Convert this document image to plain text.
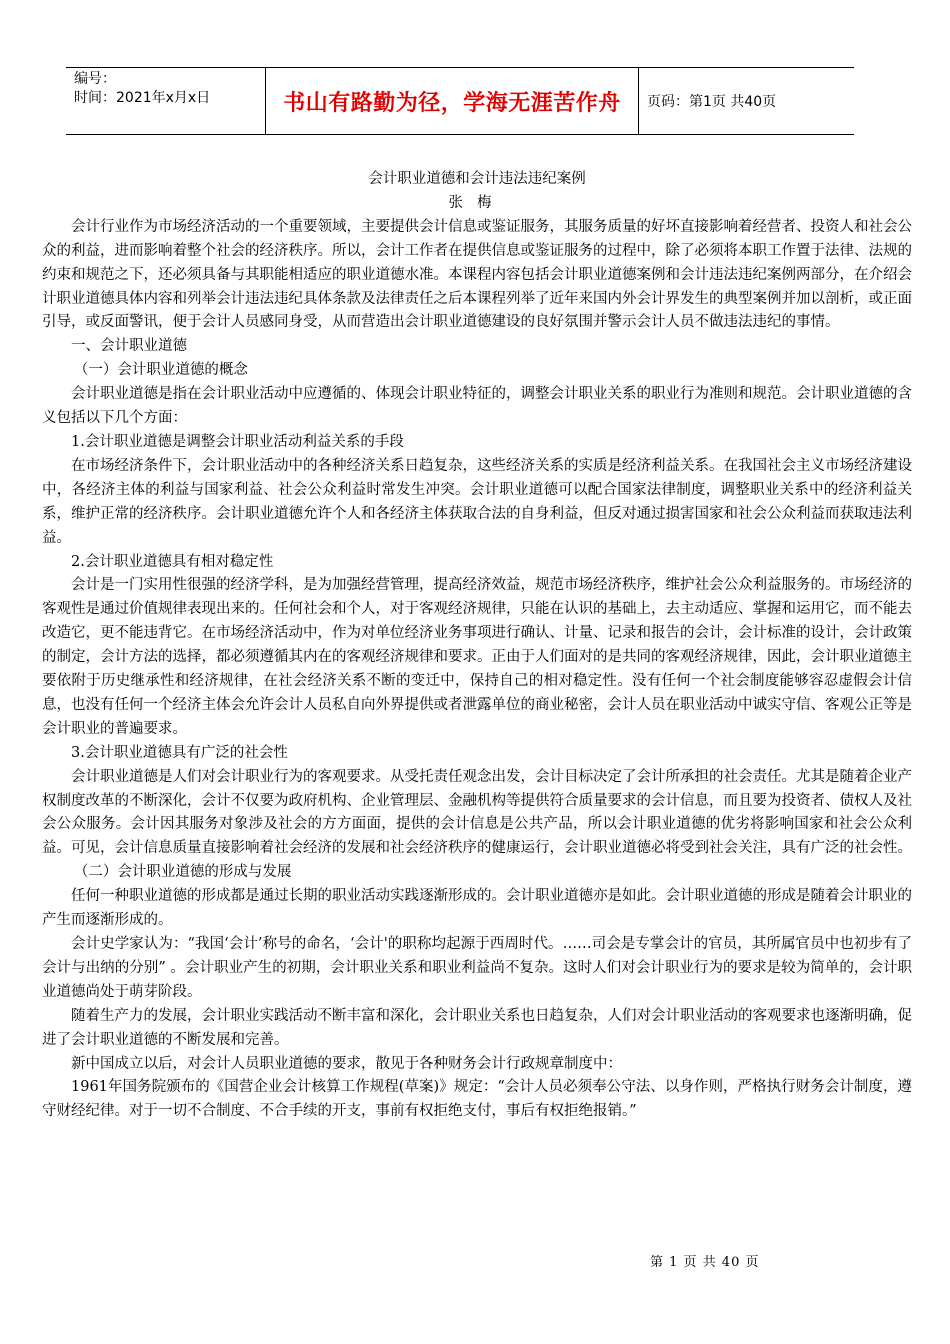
编号：
时间：2021年x月x日	书山有路勤为径，学海无涯苦作舟	页码：第1页 共40页
会计职业道德和会计违法违纪案例
张梅

会计行业作为市场经济活动的一个重要领域，主要提供会计信息或鉴证服务，其服务质量的好坏直接影响着经营者、投资人和社会公众的利益，进而影响着整个社会的经济秩序。所以，会计工作者在提供信息或鉴证服务的过程中，除了必须将本职工作置于法律、法规的约束和规范之下，还必须具备与其职能相适应的职业道德水准。本课程内容包括会计职业道德案例和会计违法违纪案例两部分，在介绍会计职业道德具体内容和列举会计违法违纪具体条款及法律责任之后本课程列举了近年来国内外会计界发生的典型案例并加以剖析，或正面引导，或反面警讯，便于会计人员感同身受，从而营造出会计职业道德建设的良好氛围并警示会计人员不做违法违纪的事情。

一、会计职业道德

（一）会计职业道德的概念

会计职业道德是指在会计职业活动中应遵循的、体现会计职业特征的，调整会计职业关系的职业行为准则和规范。会计职业道德的含义包括以下几个方面：

1.会计职业道德是调整会计职业活动利益关系的手段

在市场经济条件下，会计职业活动中的各种经济关系日趋复杂，这些经济关系的实质是经济利益关系。在我国社会主义市场经济建设中，各经济主体的利益与国家利益、社会公众利益时常发生冲突。会计职业道德可以配合国家法律制度，调整职业关系中的经济利益关系，维护正常的经济秩序。会计职业道德允许个人和各经济主体获取合法的自身利益，但反对通过损害国家和社会公众利益而获取违法利益。

2.会计职业道德具有相对稳定性

会计是一门实用性很强的经济学科，是为加强经营管理，提高经济效益，规范市场经济秩序，维护社会公众利益服务的。市场经济的客观性是通过价值规律表现出来的。任何社会和个人，对于客观经济规律，只能在认识的基础上，去主动适应、掌握和运用它，而不能去改造它，更不能违背它。在市场经济活动中，作为对单位经济业务事项进行确认、计量、记录和报告的会计，会计标准的设计，会计政策的制定，会计方法的选择，都必须遵循其内在的客观经济规律和要求。正由于人们面对的是共同的客观经济规律，因此，会计职业道德主要依附于历史继承性和经济规律，在社会经济关系不断的变迁中，保持自己的相对稳定性。没有任何一个社会制度能够容忍虚假会计信息，也没有任何一个经济主体会允许会计人员私自向外界提供或者泄露单位的商业秘密，会计人员在职业活动中诚实守信、客观公正等是会计职业的普遍要求。

3.会计职业道德具有广泛的社会性

会计职业道德是人们对会计职业行为的客观要求。从受托责任观念出发，会计目标决定了会计所承担的社会责任。尤其是随着企业产权制度改革的不断深化，会计不仅要为政府机构、企业管理层、金融机构等提供符合质量要求的会计信息，而且要为投资者、债权人及社会公众服务。会计因其服务对象涉及社会的方方面面，提供的会计信息是公共产品，所以会计职业道德的优劣将影响国家和社会公众利益。可见，会计信息质量直接影响着社会经济的发展和社会经济秩序的健康运行，会计职业道德必将受到社会关注，具有广泛的社会性。

（二）会计职业道德的形成与发展

任何一种职业道德的形成都是通过长期的职业活动实践逐渐形成的。会计职业道德亦是如此。会计职业道德的形成是随着会计职业的产生而逐渐形成的。

会计史学家认为：“我国‘会计’称号的命名，‘会计'的职称均起源于西周时代。……司会是专掌会计的官员，其所属官员中也初步有了会计与出纳的分别” 。会计职业产生的初期，会计职业关系和职业利益尚不复杂。这时人们对会计职业行为的要求是较为简单的，会计职业道德尚处于萌芽阶段。

随着生产力的发展，会计职业实践活动不断丰富和深化，会计职业关系也日趋复杂，人们对会计职业活动的客观要求也逐渐明确，促进了会计职业道德的不断发展和完善。

新中国成立以后，对会计人员职业道德的要求，散见于各种财务会计行政规章制度中：

1961年国务院颁布的《国营企业会计核算工作规程(草案)》规定：“会计人员必须奉公守法、以身作则，严格执行财务会计制度，遵守财经纪律。对于一切不合制度、不合手续的开支，事前有权拒绝支付，事后有权拒绝报销。”

第 1 页 共 40 页
